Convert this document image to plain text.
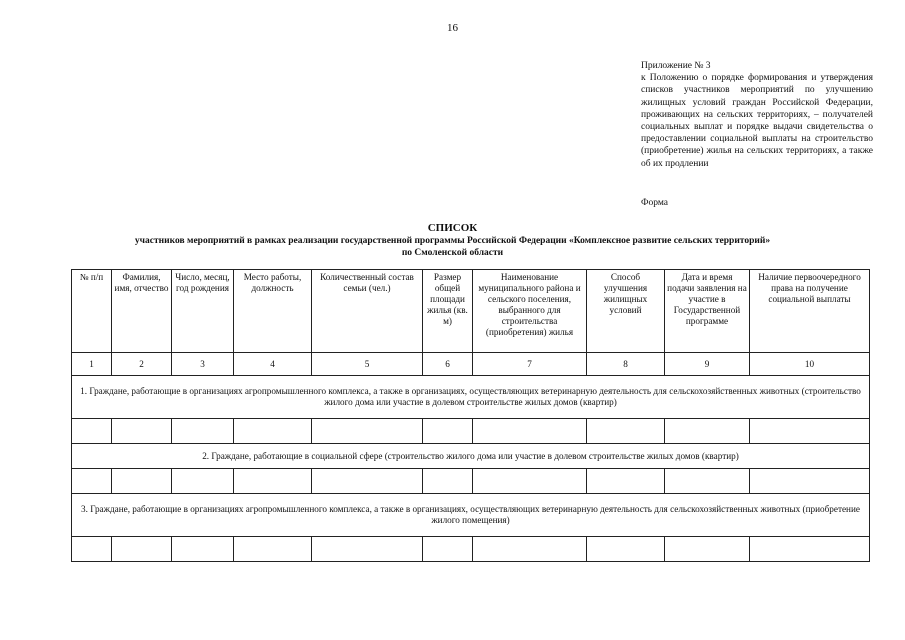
16
Приложение № 3
к Положению о порядке формирования и утверждения списков участников мероприятий по улучшению жилищных условий граждан Российской Федерации, проживающих на сельских территориях, – получателей социальных выплат и порядке выдачи свидетельства о предоставлении социальной выплаты на строительство (приобретение) жилья на сельских территориях, а также об их продлении
Форма
СПИСОК
участников мероприятий в рамках реализации государственной программы Российской Федерации «Комплексное развитие сельских территорий»
по Смоленской области
№ п/п	Фамилия, имя, отчество	Число, месяц, год рождения	Место работы, должность	Количественный состав семьи (чел.)	Размер общей площади жилья (кв. м)	Наименование муниципального района и сельского поселения, выбранного для строительства (приобретения) жилья	Способ улучшения жилищных условий	Дата и время подачи заявления на участие в Государственной программе	Наличие первоочередного права на получение социальной выплаты
1	2	3	4	5	6	7	8	9	10
1. Граждане, работающие в организациях агропромышленного комплекса, а также в организациях, осуществляющих ветеринарную деятельность для сельскохозяйственных животных (строительство жилого дома или участие в долевом строительстве жилых домов (квартир)									

2. Граждане, работающие в социальной сфере (строительство жилого дома или участие в долевом строительстве жилых домов (квартир)									

3. Граждане, работающие в организациях агропромышленного комплекса, а также в организациях, осуществляющих ветеринарную деятельность для сельскохозяйственных животных (приобретение жилого помещения)									
